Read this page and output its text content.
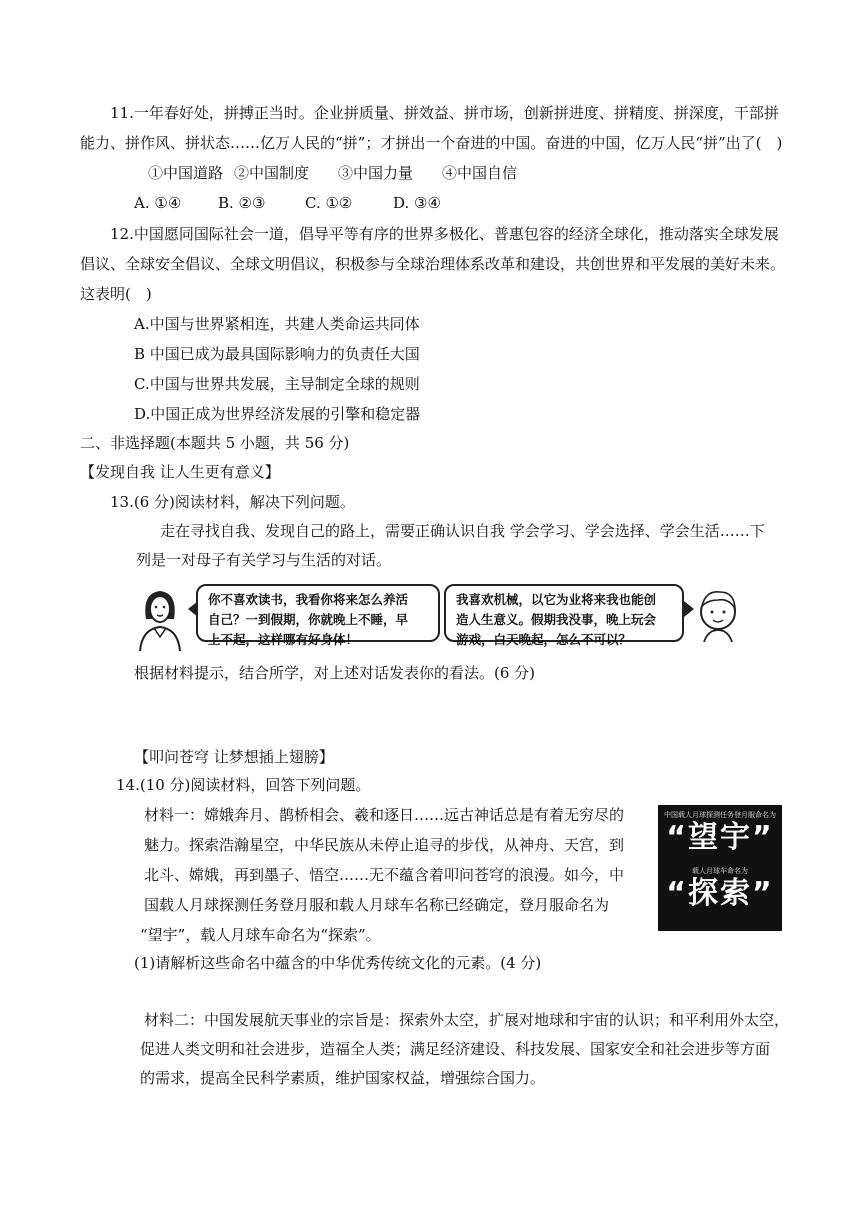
11.一年春好处，拼搏正当时。企业拼质量、拼效益、拼市场，创新拼进度、拼精度、拼深度，干部拼
能力、拼作风、拼状态……亿万人民的“拼”；才拼出一个奋进的中国。奋进的中国，亿万人民“拼”出了(　)
①中国道路 ②中国制度 ③中国力量 ④中国自信
A. ①④ B. ②③	C. ①②	D. ③④
12.中国愿同国际社会一道，倡导平等有序的世界多极化、普惠包容的经济全球化，推动落实全球发展
倡议、全球安全倡议、全球文明倡议，积极参与全球治理体系改革和建设，共创世界和平发展的美好未来。
这表明(　)
A.中国与世界紧相连，共建人类命运共同体
B 中国已成为最具国际影响力的负责任大国
C.中国与世界共发展，主导制定全球的规则
D.中国正成为世界经济发展的引擎和稳定器
二、非选择题(本题共 5 小题，共 56 分)
【发现自我 让人生更有意义】
13.(6 分)阅读材料，解决下列问题。
走在寻找自我、发现自己的路上，需要正确认识自我 学会学习、学会选择、学会生活……下
列是一对母子有关学习与生活的对话。
你不喜欢读书，我看你将来怎么养活
自己？一到假期，你就晚上不睡，早
上不起，这样哪有好身体！
我喜欢机械，以它为业将来我也能创
造人生意义。假期我没事，晚上玩会
游戏，白天晚起，怎么不可以？
根据材料提示，结合所学，对上述对话发表你的看法。(6 分)
【叩问苍穹 让梦想插上翅膀】
14.(10 分)阅读材料，回答下列问题。
材料一：嫦娥奔月、鹊桥相会、羲和逐日……远古神话总是有着无穷尽的
魅力。探索浩瀚星空，中华民族从未停止追寻的步伐，从神舟、天宫，到
北斗、嫦娥，再到墨子、悟空……无不蕴含着叩问苍穹的浪漫。如今，中
国载人月球探测任务登月服和载人月球车名称已经确定，登月服命名为
“望宇”，载人月球车命名为“探索”。
中国载人月球探测任务登月服命名为
“望宇”
载人月球车命名为
“探索”
(1)请解析这些命名中蕴含的中华优秀传统文化的元素。(4 分)
材料二：中国发展航天事业的宗旨是：探索外太空，扩展对地球和宇宙的认识；和平利用外太空，
促进人类文明和社会进步，造福全人类；满足经济建设、科技发展、国家安全和社会进步等方面
的需求，提高全民科学素质，维护国家权益，增强综合国力。
